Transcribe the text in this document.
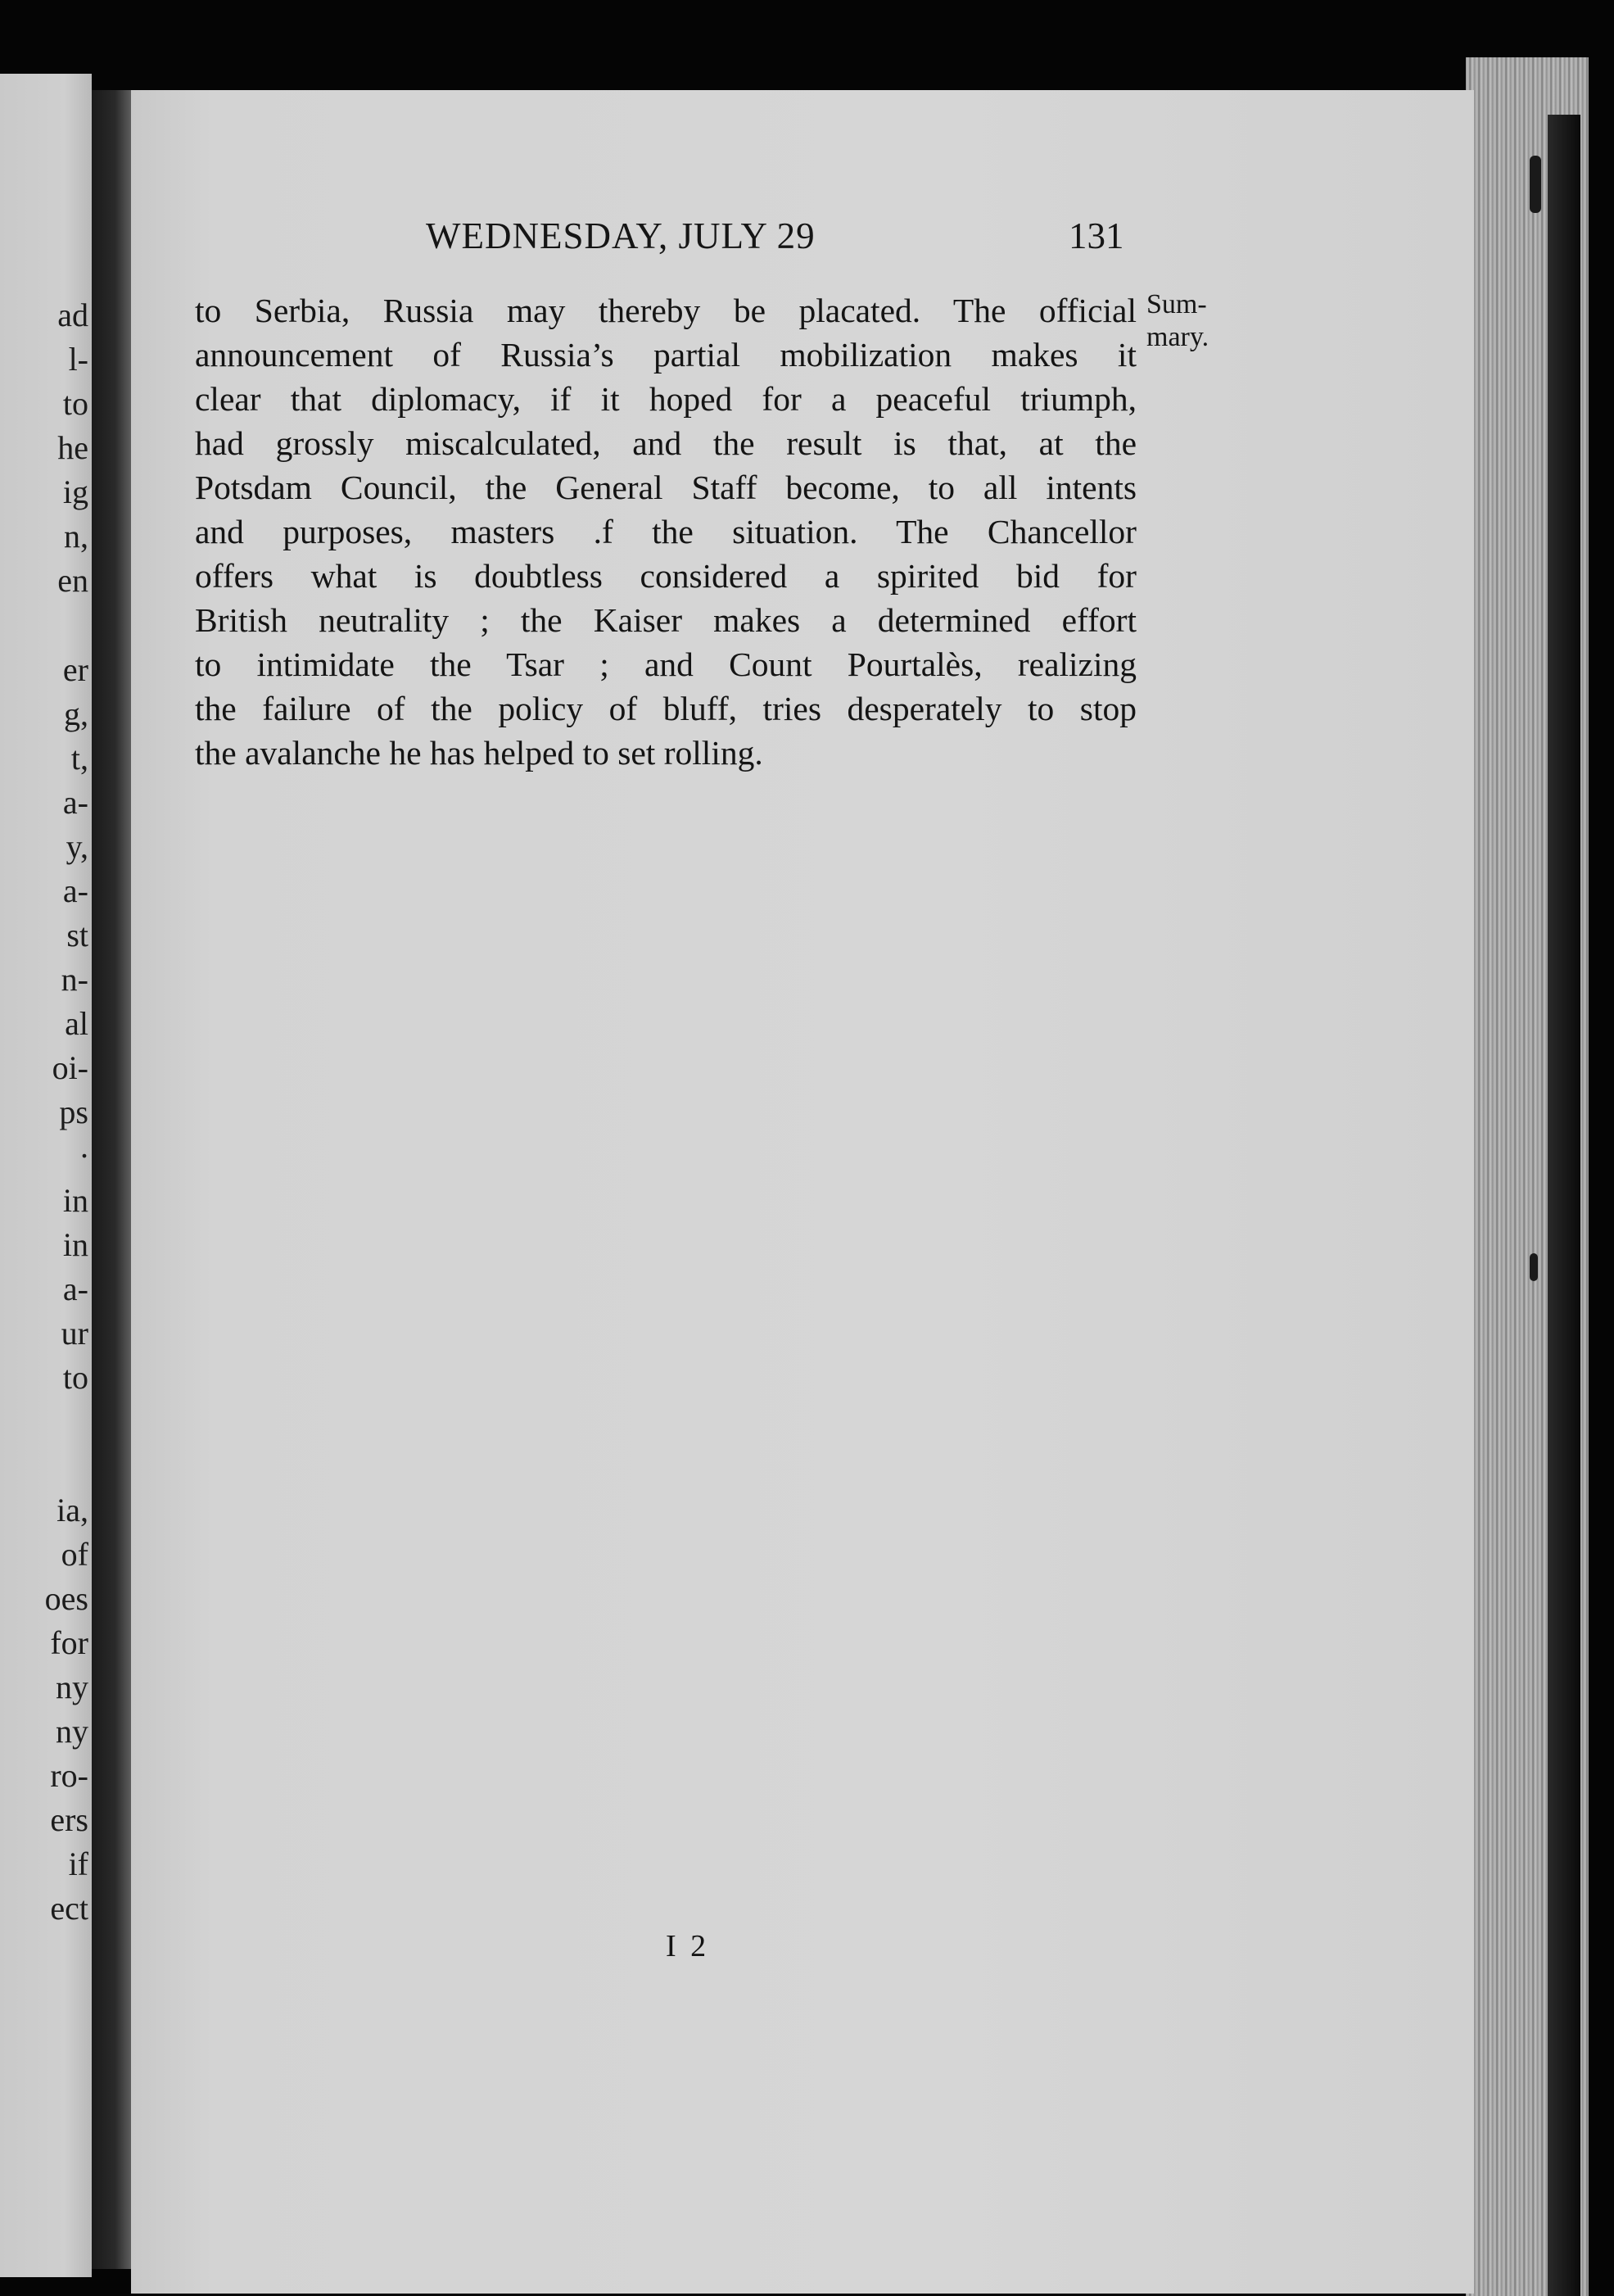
ad
l-
to
he
ig
n,
en
er
g,
t,
a-
y,
a-
st
n-
al
oi-
ps
.
in
in
a-
ur
to
ia,
of
oes
for
ny
ny
ro-
ers
if
ect
WEDNESDAY, JULY 29	131
to Serbia, Russia may thereby be placated. The official
announcement of Russia’s partial mobilization makes it
clear that diplomacy, if it hoped for a peaceful triumph,
had grossly miscalculated, and the result is that, at the
Potsdam Council, the General Staff become, to all intents
and purposes, masters .f the situation. The Chancellor
offers what is doubtless considered a spirited bid for
British neutrality ; the Kaiser makes a determined effort
to intimidate the Tsar ; and Count Pourtalès, realizing
the failure of the policy of bluff, tries desperately to stop
the avalanche he has helped to set rolling.
Sum-
mary.
I 2
